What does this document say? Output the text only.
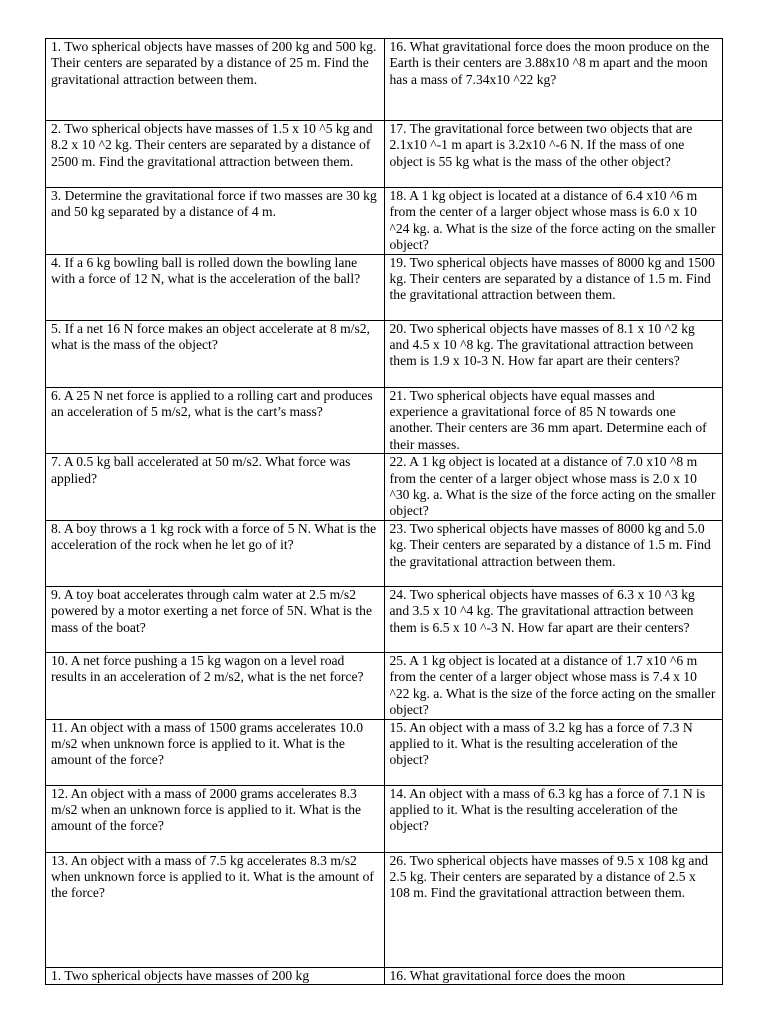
1. Two spherical objects have masses of 200 kg and 500 kg. Their centers are separated by a distance of 25 m. Find the gravitational attraction between them.	16. What gravitational force does the moon produce on the Earth is their centers are 3.88x10 ^8 m apart and the moon has a mass of 7.34x10 ^22 kg?
2. Two spherical objects have masses of 1.5 x 10 ^5 kg and 8.2 x 10 ^2 kg. Their centers are separated by a distance of 2500 m. Find the gravitational attraction between them.	17. The gravitational force between two objects that are 2.1x10 ^-1 m apart is 3.2x10 ^-6 N. If the mass of one object is 55 kg what is the mass of the other object?
3. Determine the gravitational force if two masses are 30 kg and 50 kg separated by a distance of 4 m.	18. A 1 kg object is located at a distance of 6.4 x10 ^6 m from the center of a larger object whose mass is 6.0 x 10 ^24 kg. a. What is the size of the force acting on the smaller object?
4. If a 6 kg bowling ball is rolled down the bowling lane with a force of 12 N, what is the acceleration of the ball?	19. Two spherical objects have masses of 8000 kg and 1500 kg. Their centers are separated by a distance of 1.5 m. Find the gravitational attraction between them.
5. If a net 16 N force makes an object accelerate at 8 m/s2, what is the mass of the object?	20. Two spherical objects have masses of 8.1 x 10 ^2 kg and 4.5 x 10 ^8 kg. The gravitational attraction between them is 1.9 x 10-3 N. How far apart are their centers?
6. A 25 N net force is applied to a rolling cart and produces an acceleration of 5 m/s2, what is the cart’s mass?	21. Two spherical objects have equal masses and experience a gravitational force of 85 N towards one another. Their centers are 36 mm apart. Determine each of their masses.
7. A 0.5 kg ball accelerated at 50 m/s2. What force was applied?	22. A 1 kg object is located at a distance of 7.0 x10 ^8 m from the center of a larger object whose mass is 2.0 x 10 ^30 kg. a. What is the size of the force acting on the smaller object?
8. A boy throws a 1 kg rock with a force of 5 N. What is the acceleration of the rock when he let go of it?	23. Two spherical objects have masses of 8000 kg and 5.0 kg. Their centers are separated by a distance of 1.5 m. Find the gravitational attraction between them.
9. A toy boat accelerates through calm water at 2.5 m/s2 powered by a motor exerting a net force of 5N. What is the mass of the boat?	24. Two spherical objects have masses of 6.3 x 10 ^3 kg and 3.5 x 10 ^4 kg. The gravitational attraction between them is 6.5 x 10 ^-3 N. How far apart are their centers?
10. A net force pushing a 15 kg wagon on a level road results in an acceleration of 2 m/s2, what is the net force?	25. A 1 kg object is located at a distance of 1.7 x10 ^6 m from the center of a larger object whose mass is 7.4 x 10 ^22 kg. a. What is the size of the force acting on the smaller object?
11. An object with a mass of 1500 grams accelerates 10.0 m/s2 when unknown force is applied to it. What is the amount of the force?	15. An object with a mass of 3.2 kg has a force of 7.3 N applied to it. What is the resulting acceleration of the object?
12. An object with a mass of 2000 grams accelerates 8.3 m/s2 when an unknown force is applied to it. What is the amount of the force?	14. An object with a mass of 6.3 kg has a force of 7.1 N is applied to it. What is the resulting acceleration of the object?
13. An object with a mass of 7.5 kg accelerates 8.3 m/s2 when unknown force is applied to it. What is the amount of the force?	26. Two spherical objects have masses of 9.5 x 108 kg and 2.5 kg. Their centers are separated by a distance of 2.5 x 108 m. Find the gravitational attraction between them.
1. Two spherical objects have masses of 200 kg	16. What gravitational force does the moon
